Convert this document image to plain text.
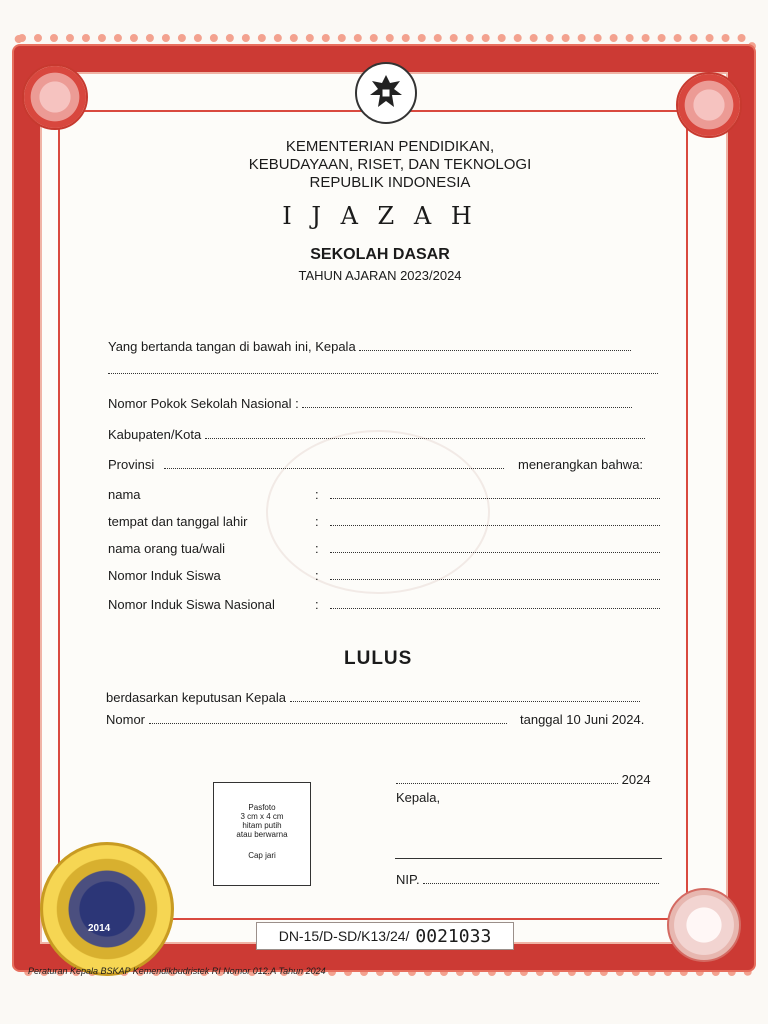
KEMENTERIAN PENDIDIKAN,
KEBUDAYAAN, RISET, DAN TEKNOLOGI
REPUBLIK INDONESIA
I J A Z A H
SEKOLAH DASAR
TAHUN AJARAN 2023/2024
Yang bertanda tangan di bawah ini, Kepala
Nomor Pokok Sekolah Nasional :
Kabupaten/Kota
Provinsi	menerangkan bahwa:
nama	:
tempat dan tanggal lahir	:
nama orang tua/wali	:
Nomor Induk Siswa	:
Nomor Induk Siswa Nasional	:
LULUS
berdasarkan keputusan Kepala
Nomor	tanggal 10 Juni 2024.
Pasfoto
3 cm x 4 cm
hitam putih
atau berwarna
Cap jari
2024
Kepala,
NIP.
2014	DN-15/D-SD/K13/24/ 0021033
Peraturan Kepala BSKAP Kemendikbudristek RI Nomor 012.A Tahun 2024
